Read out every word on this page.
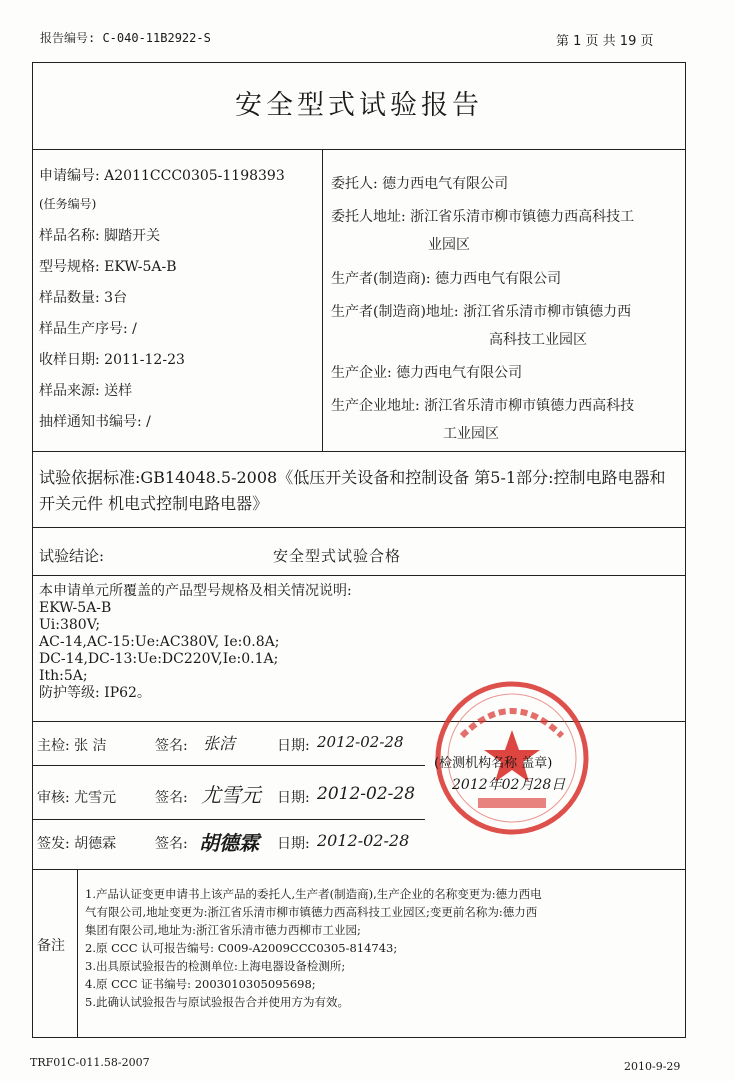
报告编号: C-040-11B2922-S	第 1 页 共 19 页
安全型式试验报告
申请编号: A2011CCC0305-1198393
(任务编号)
样品名称: 脚踏开关
型号规格: EKW-5A-B
样品数量: 3台
样品生产序号: /
收样日期: 2011-12-23
样品来源: 送样
抽样通知书编号: /
委托人: 德力西电气有限公司
委托人地址: 浙江省乐清市柳市镇德力西高科技工
业园区
生产者(制造商): 德力西电气有限公司
生产者(制造商)地址: 浙江省乐清市柳市镇德力西
高科技工业园区
生产企业: 德力西电气有限公司
生产企业地址: 浙江省乐清市柳市镇德力西高科技
工业园区
试验依据标准:GB14048.5-2008《低压开关设备和控制设备 第5-1部分:控制电路电器和开关元件 机电式控制电路电器》
试验结论:	安全型式试验合格
本申请单元所覆盖的产品型号规格及相关情况说明:
EKW-5A-B
Ui:380V;
AC-14,AC-15:Ue:AC380V, Ie:0.8A;
DC-14,DC-13:Ue:DC220V,Ie:0.1A;
Ith:5A;
防护等级: IP62。
主检: 张 洁	签名: 张洁	日期: 2012-02-28
审核: 尤雪元	签名: 尤雪元 日期: 2012-02-28
签发: 胡德霖	签名: 胡德霖 日期: 2012-02-28
备注
1.产品认证变更申请书上该产品的委托人,生产者(制造商),生产企业的名称变更为:德力西电
气有限公司,地址变更为:浙江省乐清市柳市镇德力西高科技工业园区;变更前名称为:德力西
集团有限公司,地址为:浙江省乐清市德力西柳市工业园;
2.原 CCC 认可报告编号: C009-A2009CCC0305-814743;
3.出具原试验报告的检测单位:上海电器设备检测所;
4.原 CCC 证书编号: 2003010305095698;
5.此确认试验报告与原试验报告合并使用方为有效。
(检测机构名称 盖章)
2012年02月28日
TRF01C-011.58-2007	2010-9-29
